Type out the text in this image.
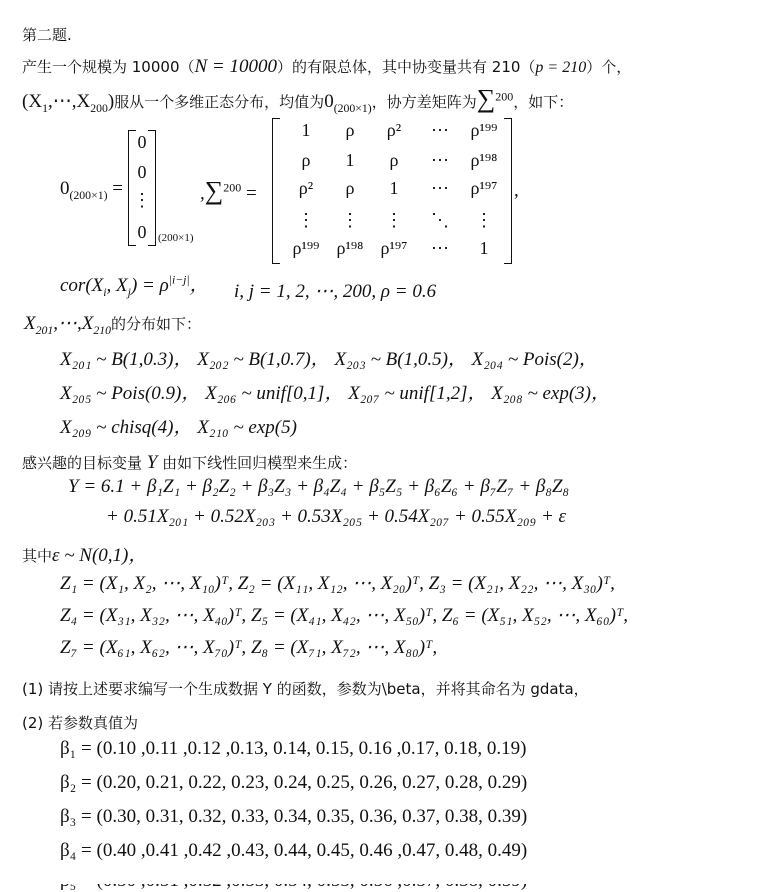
第二题.
产生一个规模为 10000（N = 10000）的有限总体，其中协变量共有 210（p = 210）个，
$(X_1,\cdots,X_{200})$服从一个多维正态分布，均值为$0_{(200\times 1)}$，协方差矩阵为∑$^{200}$，如下：
$0_{(200\times 1)}$ =
0
0
⋮
0	(200×1)
,∑$^{200}$ =
1	ρ	ρ²	⋯	ρ¹⁹⁹
ρ	1	ρ	⋯	ρ¹⁹⁸
ρ²	ρ	1	⋯	ρ¹⁹⁷
⋮	⋮	⋮	⋱	⋮
ρ¹⁹⁹ ρ¹⁹⁸ ρ¹⁹⁷	⋯	1
,
$cor(X_i$, $X_j) = \rho^{|i-j|}$， i, j = 1, 2, ⋯, 200, ρ = 0.6
$X_{201},\cdots,X_{210}$的分布如下：
X₂₀₁ ~ B(1,0.3)， X₂₀₂ ~ B(1,0.7)， X₂₀₃ ~ B(1,0.5)， X₂₀₄ ~ Pois(2)，
X₂₀₅ ~ Pois(0.9)， X₂₀₆ ~ unif[0,1]， X₂₀₇ ~ unif[1,2]， X₂₀₈ ~ exp(3)，
X₂₀₉ ~ chisq(4)， X₂₁₀ ~ exp(5)
感兴趣的目标变量 Y 由如下线性回归模型来生成：
Y = 6.1 + β₁Z₁ + β₂Z₂ + β₃Z₃ + β₄Z₄ + β₅Z₅ + β₆Z₆ + β₇Z₇ + β₈Z₈
+ 0.51X₂₀₁ + 0.52X₂₀₃ + 0.53X₂₀₅ + 0.54X₂₀₇ + 0.55X₂₀₉ + ε
其中ε ~ N(0,1)，
Z₁ = (X₁, X₂, ⋯, X₁₀)ᵀ, Z₂ = (X₁₁, X₁₂, ⋯, X₂₀)ᵀ, Z₃ = (X₂₁, X₂₂, ⋯, X₃₀)ᵀ,
Z₄ = (X₃₁, X₃₂, ⋯, X₄₀)ᵀ, Z₅ = (X₄₁, X₄₂, ⋯, X₅₀)ᵀ, Z₆ = (X₅₁, X₅₂, ⋯, X₆₀)ᵀ,
Z₇ = (X₆₁, X₆₂, ⋯, X₇₀)ᵀ, Z₈ = (X₇₁, X₇₂, ⋯, X₈₀)ᵀ,
(1) 请按上述要求编写一个生成数据 Y 的函数，参数为\beta，并将其命名为 gdata，
(2) 若参数真值为
β₁ = (0.10 ,0.11 ,0.12 ,0.13, 0.14, 0.15, 0.16 ,0.17, 0.18, 0.19)
β₂ = (0.20, 0.21, 0.22, 0.23, 0.24, 0.25, 0.26, 0.27, 0.28, 0.29)
β₃ = (0.30, 0.31, 0.32, 0.33, 0.34, 0.35, 0.36, 0.37, 0.38, 0.39)
β₄ = (0.40 ,0.41 ,0.42 ,0.43, 0.44, 0.45, 0.46 ,0.47, 0.48, 0.49)
